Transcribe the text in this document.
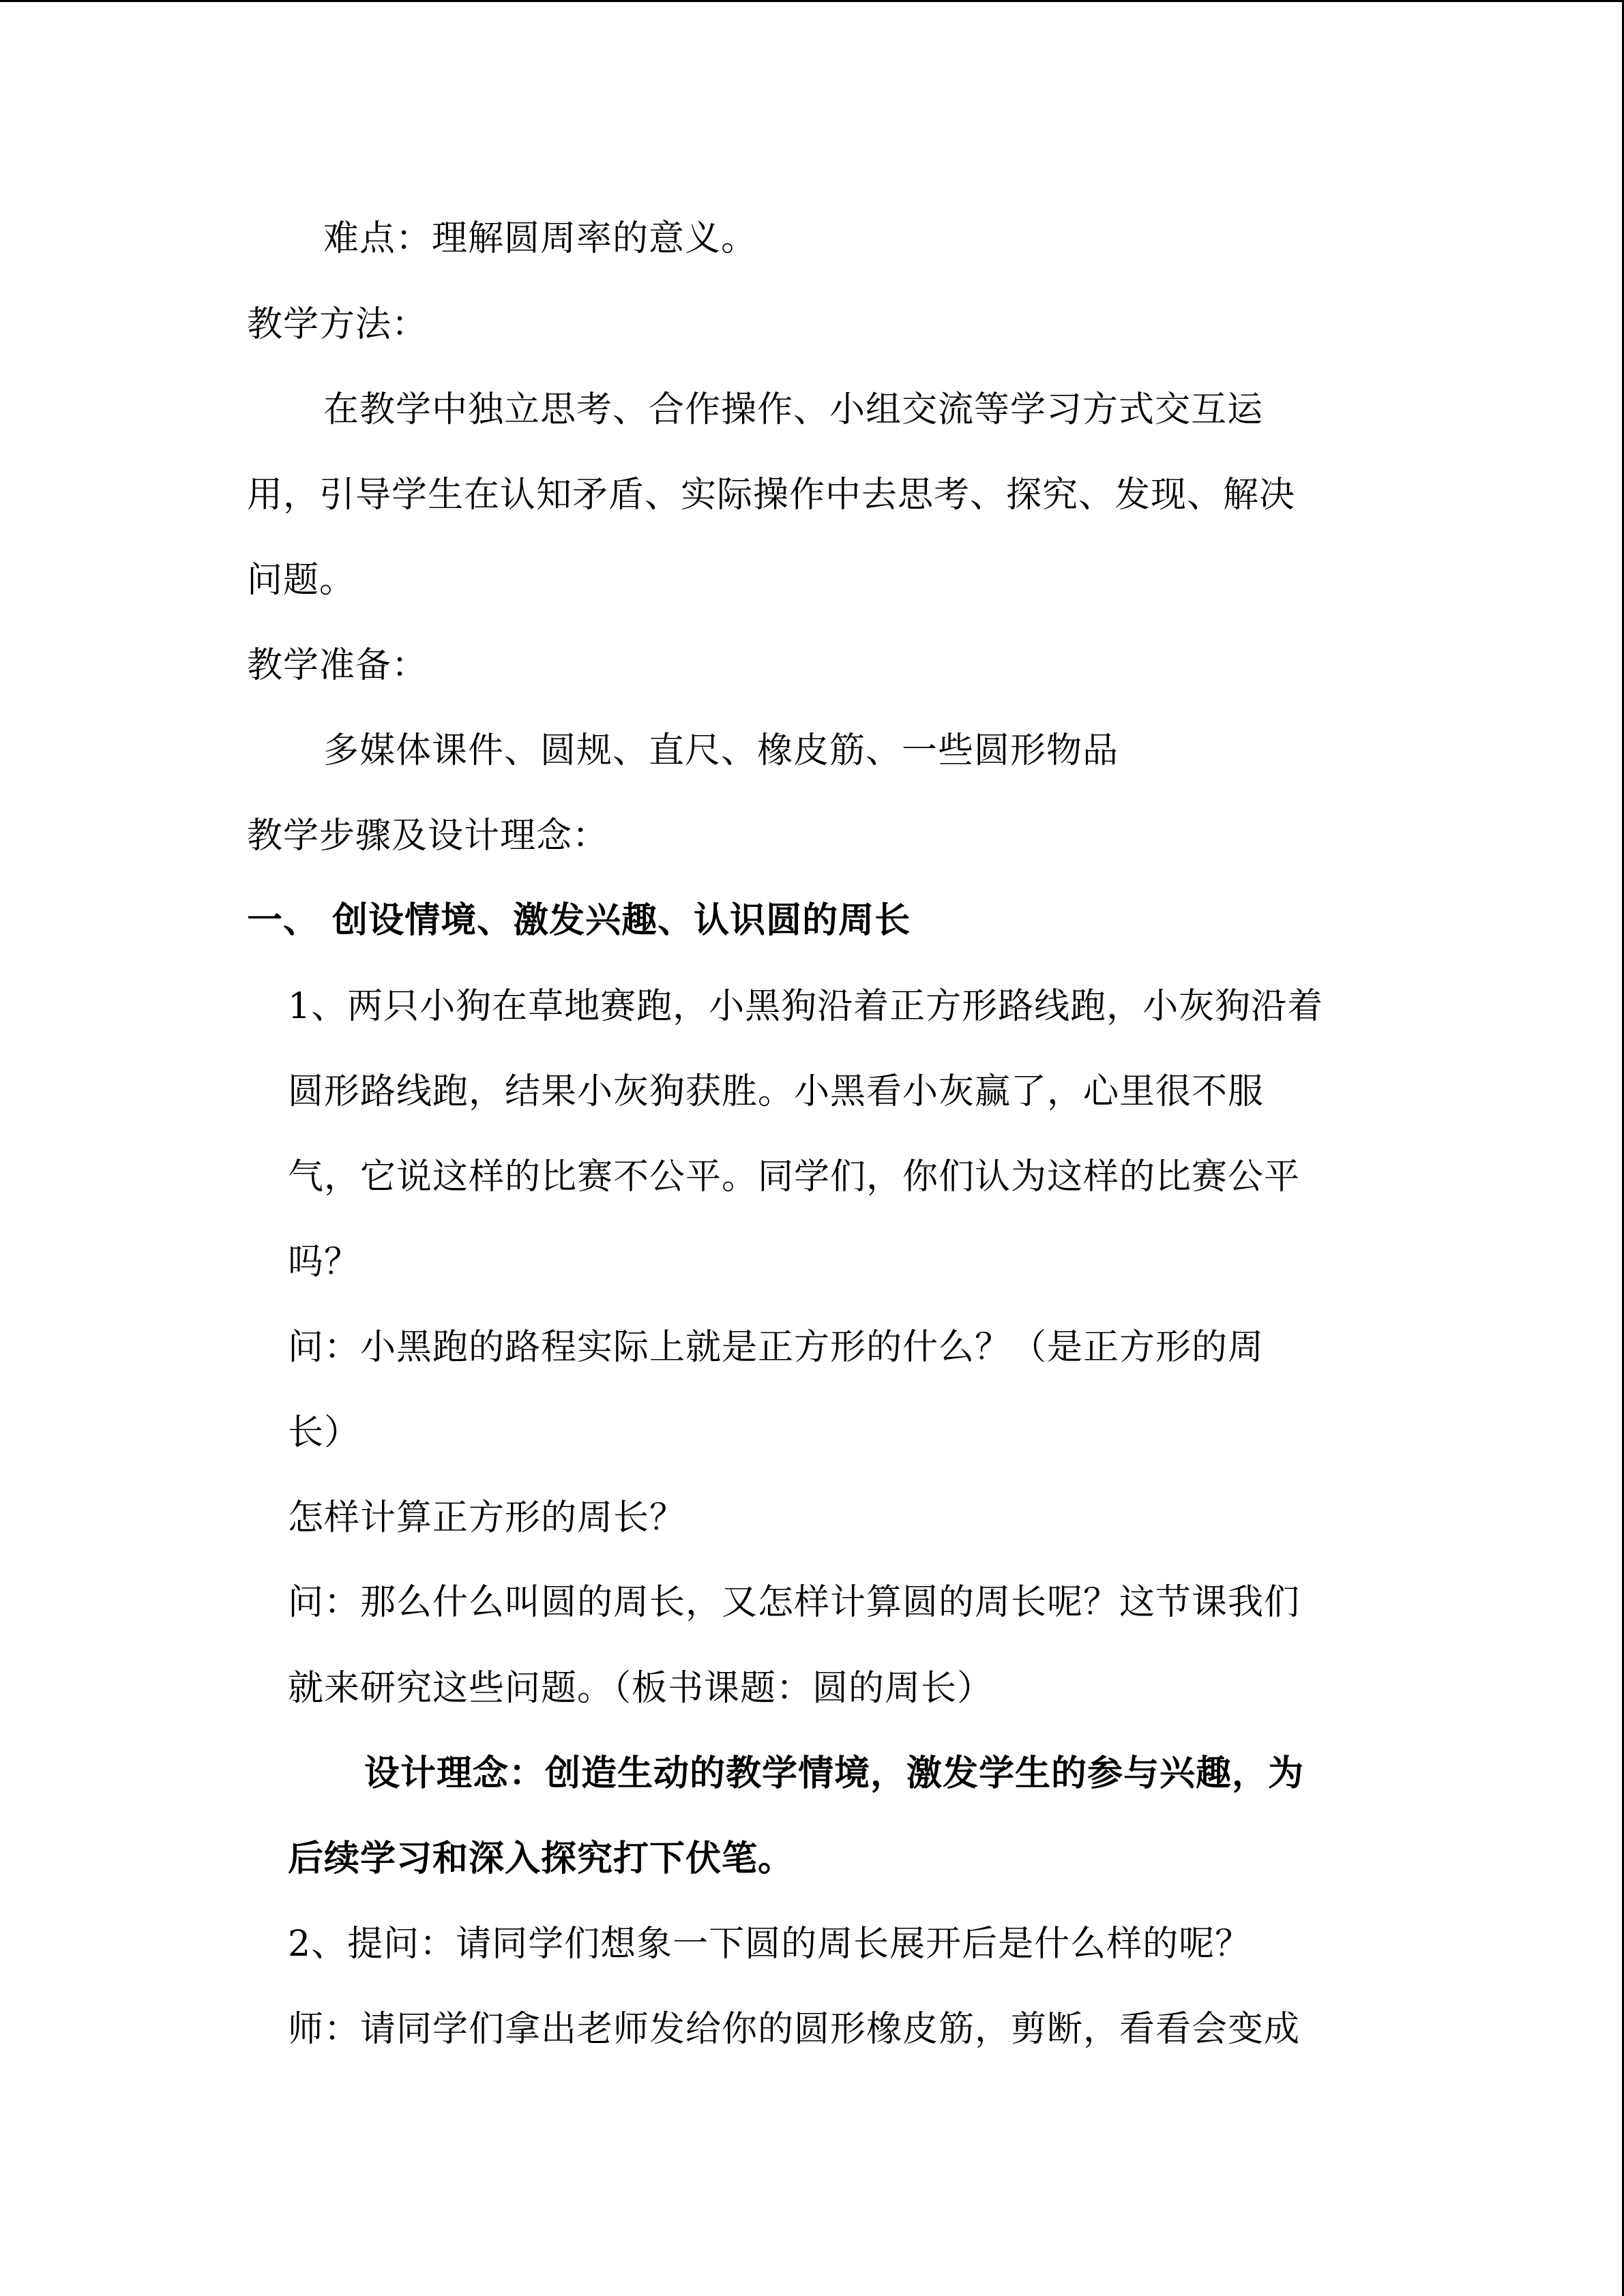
难点：理解圆周率的意义。
教学方法：
在教学中独立思考、合作操作、小组交流等学习方式交互运
用，引导学生在认知矛盾、实际操作中去思考、探究、发现、解决
问题。
教学准备：
多媒体课件、圆规、直尺、橡皮筋、一些圆形物品
教学步骤及设计理念：
一、 创设情境、激发兴趣、认识圆的周长
1、两只小狗在草地赛跑，小黑狗沿着正方形路线跑，小灰狗沿着
圆形路线跑，结果小灰狗获胜。小黑看小灰赢了，心里很不服
气，它说这样的比赛不公平。同学们，你们认为这样的比赛公平
吗？
问：小黑跑的路程实际上就是正方形的什么？（是正方形的周
长）
怎样计算正方形的周长？
问：那么什么叫圆的周长，又怎样计算圆的周长呢？这节课我们
就来研究这些问题。（板书课题：圆的周长）
设计理念：创造生动的教学情境，激发学生的参与兴趣，为
后续学习和深入探究打下伏笔。
2、提问：请同学们想象一下圆的周长展开后是什么样的呢？
师：请同学们拿出老师发给你的圆形橡皮筋，剪断，看看会变成
